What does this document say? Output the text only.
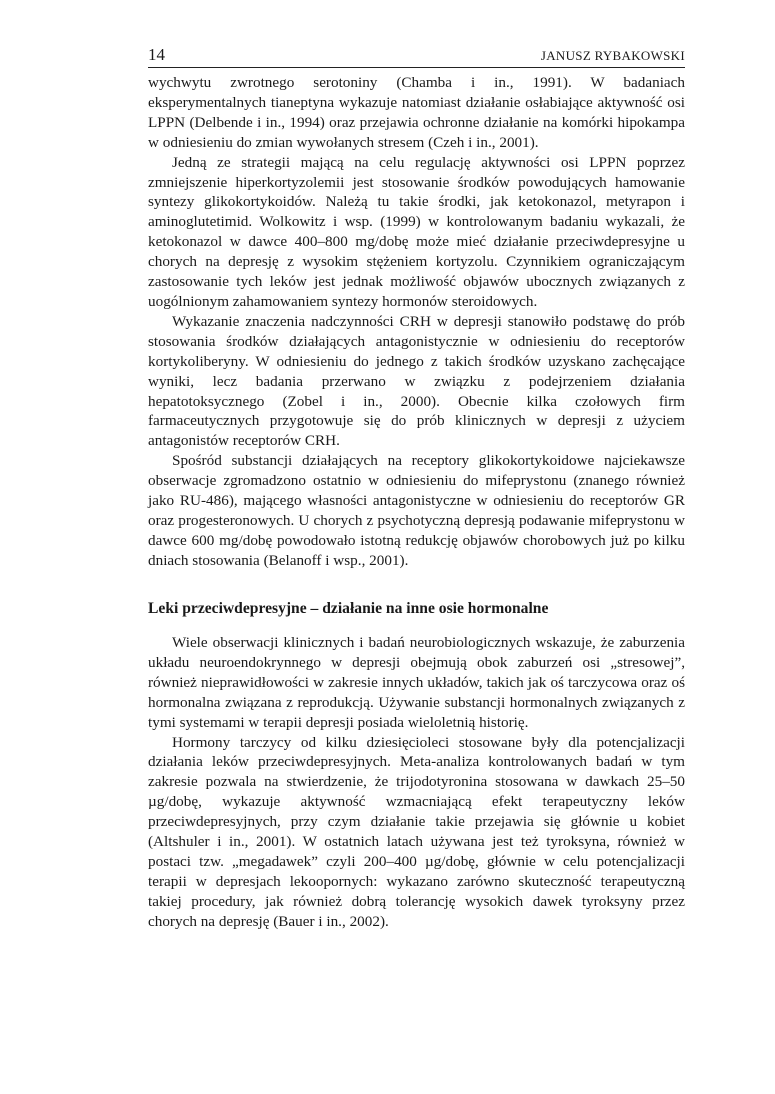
14	JANUSZ RYBAKOWSKI

wychwytu zwrotnego serotoniny (Chamba i in., 1991). W badaniach eksperymentalnych tianeptyna wykazuje natomiast działanie osłabiające aktywność osi LPPN (Delbende i in., 1994) oraz przejawia ochronne działanie na komórki hipokampa w odniesieniu do zmian wywołanych stresem (Czeh i in., 2001).

Jedną ze strategii mającą na celu regulację aktywności osi LPPN poprzez zmniejszenie hiperkortyzolemii jest stosowanie środków powodujących hamowanie syntezy glikokortykoidów. Należą tu takie środki, jak ketokonazol, metyrapon i aminoglutetimid. Wolkowitz i wsp. (1999) w kontrolowanym badaniu wykazali, że ketokonazol w dawce 400–800 mg/dobę może mieć działanie przeciwdepresyjne u chorych na depresję z wysokim stężeniem kortyzolu. Czynnikiem ograniczającym zastosowanie tych leków jest jednak możliwość objawów ubocznych związanych z uogólnionym zahamowaniem syntezy hormonów steroidowych.

Wykazanie znaczenia nadczynności CRH w depresji stanowiło podstawę do prób stosowania środków działających antagonistycznie w odniesieniu do receptorów kortykoliberyny. W odniesieniu do jednego z takich środków uzyskano zachęcające wyniki, lecz badania przerwano w związku z podejrzeniem działania hepatotoksycznego (Zobel i in., 2000). Obecnie kilka czołowych firm farmaceutycznych przygotowuje się do prób klinicznych w depresji z użyciem antagonistów receptorów CRH.

Spośród substancji działających na receptory glikokortykoidowe najciekawsze obserwacje zgromadzono ostatnio w odniesieniu do mifeprystonu (znanego również jako RU-486), mającego własności antagonistyczne w odniesieniu do receptorów GR oraz progesteronowych. U chorych z psychotyczną depresją podawanie mifeprystonu w dawce 600 mg/dobę powodowało istotną redukcję objawów chorobowych już po kilku dniach stosowania (Belanoff i wsp., 2001).

Leki przeciwdepresyjne – działanie na inne osie hormonalne

Wiele obserwacji klinicznych i badań neurobiologicznych wskazuje, że zaburzenia układu neuroendokrynnego w depresji obejmują obok zaburzeń osi „stresowej”, również nieprawidłowości w zakresie innych układów, takich jak oś tarczycowa oraz oś hormonalna związana z reprodukcją. Używanie substancji hormonalnych związanych z tymi systemami w terapii depresji posiada wieloletnią historię.

Hormony tarczycy od kilku dziesięcioleci stosowane były dla potencjalizacji działania leków przeciwdepresyjnych. Meta-analiza kontrolowanych badań w tym zakresie pozwala na stwierdzenie, że trijodotyronina stosowana w dawkach 25–50 µg/dobę, wykazuje aktywność wzmacniającą efekt terapeutyczny leków przeciwdepresyjnych, przy czym działanie takie przejawia się głównie u kobiet (Altshuler i in., 2001). W ostatnich latach używana jest też tyroksyna, również w postaci tzw. „megadawek” czyli 200–400 µg/dobę, głównie w celu potencjalizacji terapii w depresjach lekoopornych: wykazano zarówno skuteczność terapeutyczną takiej procedury, jak również dobrą tolerancję wysokich dawek tyroksyny przez chorych na depresję (Bauer i in., 2002).
